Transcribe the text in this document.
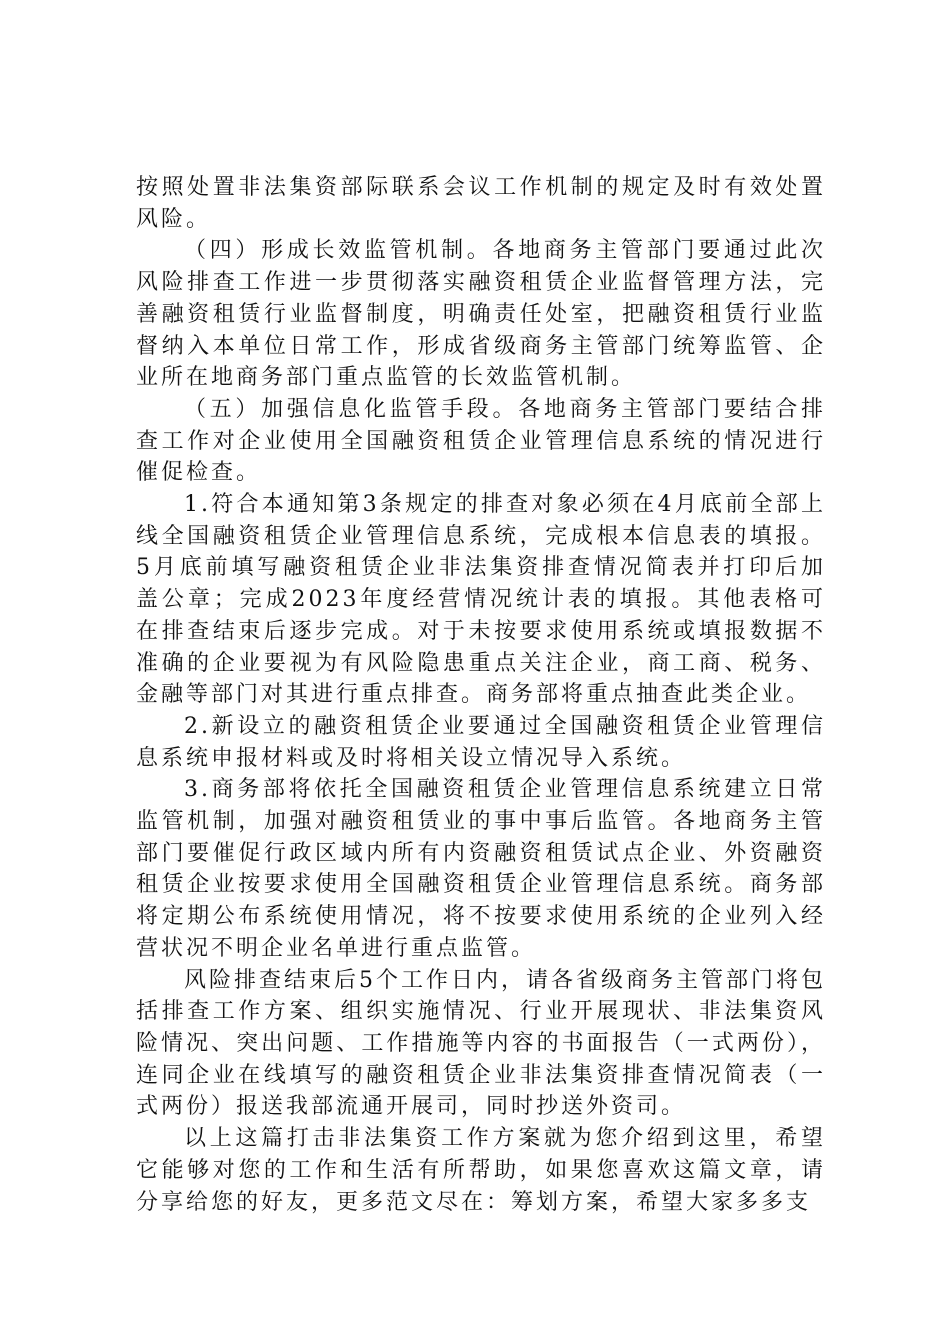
按照处置非法集资部际联系会议工作机制的规定及时有效处置风险。

（四）形成长效监管机制。各地商务主管部门要通过此次风险排查工作进一步贯彻落实融资租赁企业监督管理方法，完善融资租赁行业监督制度，明确责任处室，把融资租赁行业监督纳入本单位日常工作，形成省级商务主管部门统筹监管、企业所在地商务部门重点监管的长效监管机制。

（五）加强信息化监管手段。各地商务主管部门要结合排查工作对企业使用全国融资租赁企业管理信息系统的情况进行催促检查。

1.符合本通知第3条规定的排查对象必须在4月底前全部上线全国融资租赁企业管理信息系统，完成根本信息表的填报。5月底前填写融资租赁企业非法集资排查情况简表并打印后加盖公章；完成2023年度经营情况统计表的填报。其他表格可在排查结束后逐步完成。对于未按要求使用系统或填报数据不准确的企业要视为有风险隐患重点关注企业，商工商、税务、金融等部门对其进行重点排查。商务部将重点抽查此类企业。

2.新设立的融资租赁企业要通过全国融资租赁企业管理信息系统申报材料或及时将相关设立情况导入系统。

3.商务部将依托全国融资租赁企业管理信息系统建立日常监管机制，加强对融资租赁业的事中事后监管。各地商务主管部门要催促行政区域内所有内资融资租赁试点企业、外资融资租赁企业按要求使用全国融资租赁企业管理信息系统。商务部将定期公布系统使用情况，将不按要求使用系统的企业列入经营状况不明企业名单进行重点监管。

风险排查结束后5个工作日内，请各省级商务主管部门将包括排查工作方案、组织实施情况、行业开展现状、非法集资风险情况、突出问题、工作措施等内容的书面报告（一式两份），连同企业在线填写的融资租赁企业非法集资排查情况简表（一式两份）报送我部流通开展司，同时抄送外资司。

以上这篇打击非法集资工作方案就为您介绍到这里，希望它能够对您的工作和生活有所帮助，如果您喜欢这篇文章，请分享给您的好友，更多范文尽在：筹划方案，希望大家多多支
